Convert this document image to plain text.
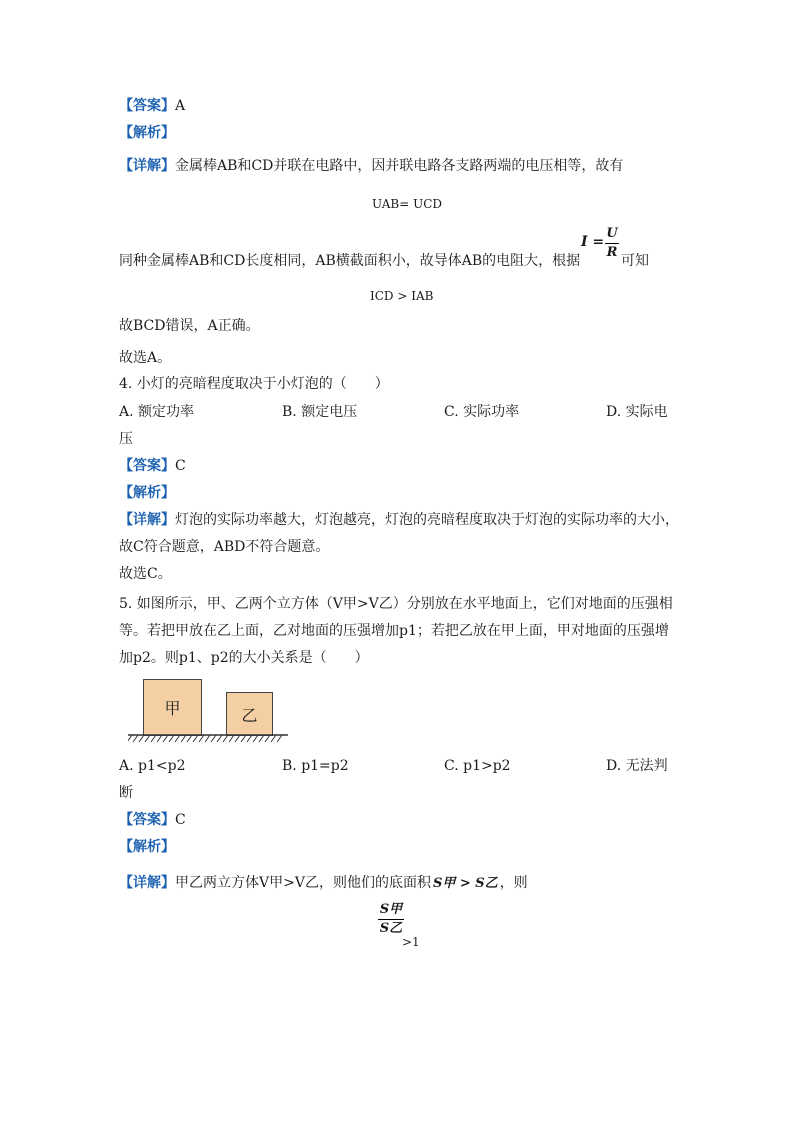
【答案】A
【解析】
【详解】金属棒AB和CD并联在电路中，因并联电路各支路两端的电压相等，故有
UAB= UCD
同种金属棒AB和CD长度相同，AB横截面积小，故导体AB的电阻大，根据
I =
U
R
可知
ICD > IAB
故BCD错误，A正确。
故选A。
4. 小灯的亮暗程度取决于小灯泡的（　　）
A. 额定功率	B. 额定电压	C. 实际功率	D. 实际电
压
【答案】C
【解析】
【详解】灯泡的实际功率越大，灯泡越亮，灯泡的亮暗程度取决于灯泡的实际功率的大小，
故C符合题意，ABD不符合题意。
故选C。
5. 如图所示，甲、乙两个立方体（V甲>V乙）分别放在水平地面上，它们对地面的压强相
等。若把甲放在乙上面，乙对地面的压强增加p1；若把乙放在甲上面，甲对地面的压强增
加p2。则p1、p2的大小关系是（　　）
甲	乙
A. p1<p2	B. p1=p2	C. p1>p2	D. 无法判
断
【答案】C
【解析】
【详解】甲乙两立方体V甲>V乙，则他们的底面积 S甲 > S乙 ，则
S甲
S乙
>1
